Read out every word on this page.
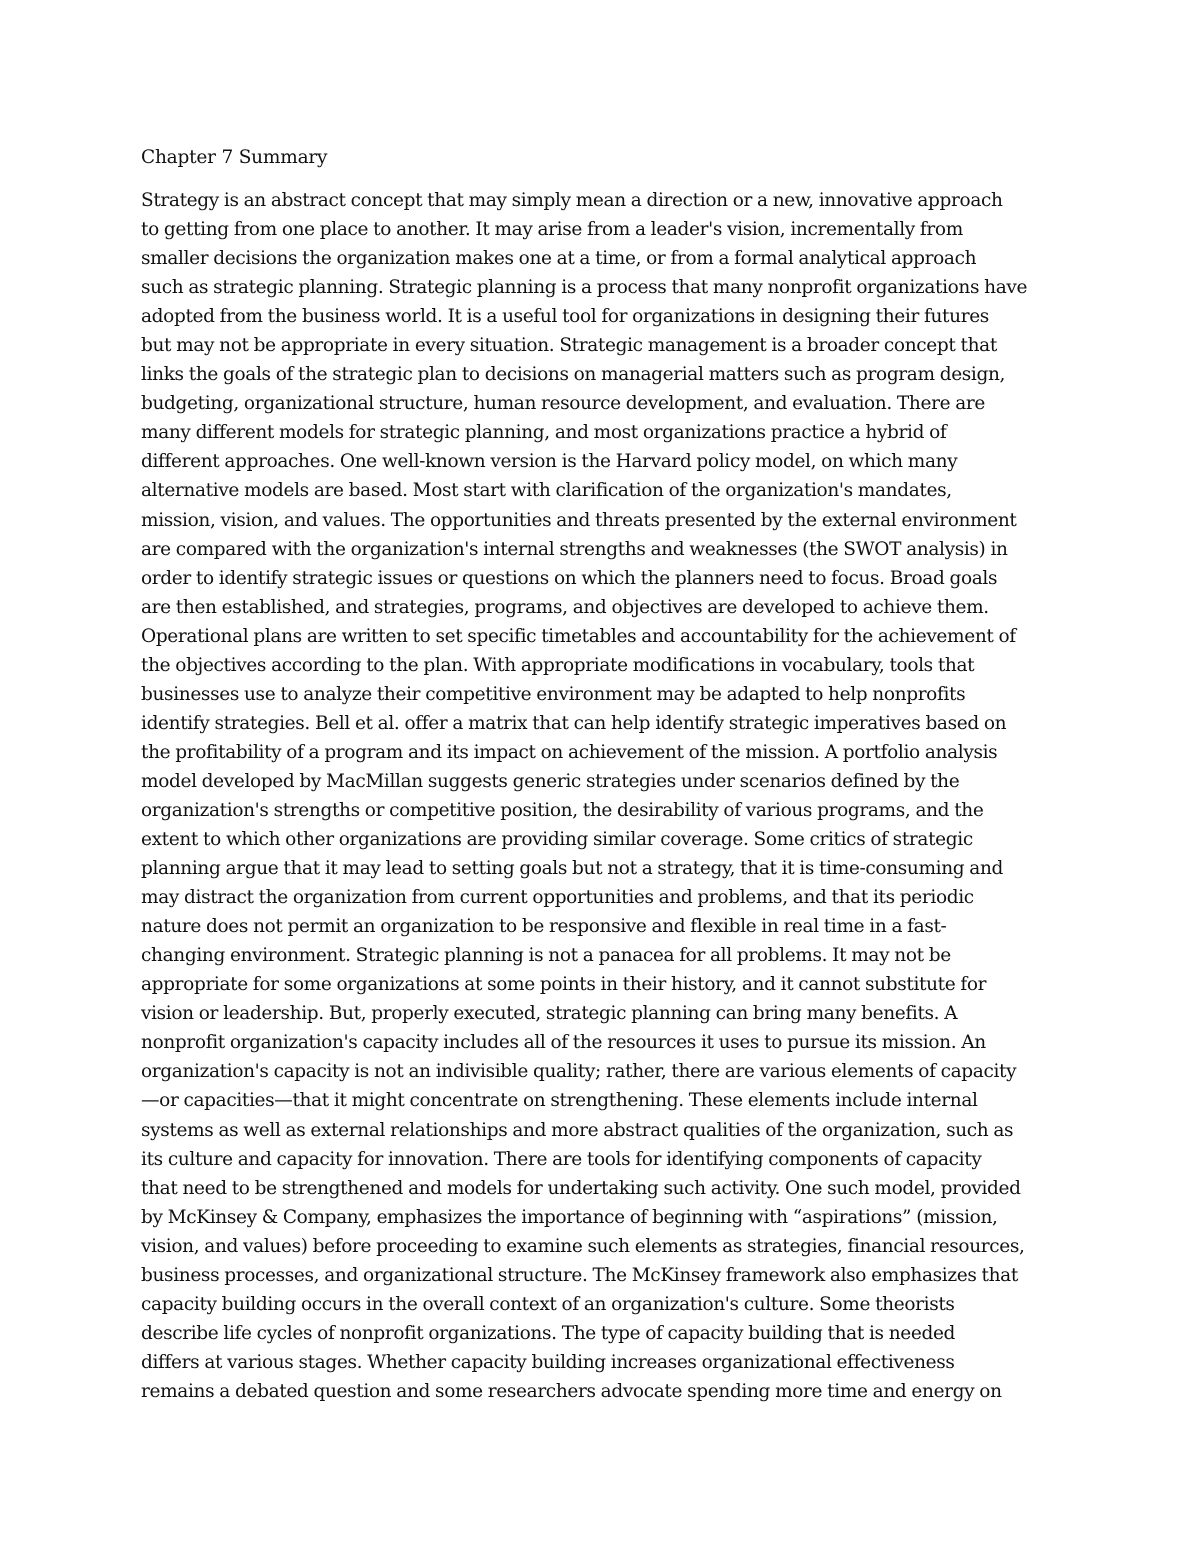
Chapter 7 Summary
Strategy is an abstract concept that may simply mean a direction or a new, innovative approach
to getting from one place to another. It may arise from a leader's vision, incrementally from
smaller decisions the organization makes one at a time, or from a formal analytical approach
such as strategic planning. Strategic planning is a process that many nonprofit organizations have
adopted from the business world. It is a useful tool for organizations in designing their futures
but may not be appropriate in every situation. Strategic management is a broader concept that
links the goals of the strategic plan to decisions on managerial matters such as program design,
budgeting, organizational structure, human resource development, and evaluation. There are
many different models for strategic planning, and most organizations practice a hybrid of
different approaches. One well-known version is the Harvard policy model, on which many
alternative models are based. Most start with clarification of the organization's mandates,
mission, vision, and values. The opportunities and threats presented by the external environment
are compared with the organization's internal strengths and weaknesses (the SWOT analysis) in
order to identify strategic issues or questions on which the planners need to focus. Broad goals
are then established, and strategies, programs, and objectives are developed to achieve them.
Operational plans are written to set specific timetables and accountability for the achievement of
the objectives according to the plan. With appropriate modifications in vocabulary, tools that
businesses use to analyze their competitive environment may be adapted to help nonprofits
identify strategies. Bell et al. offer a matrix that can help identify strategic imperatives based on
the profitability of a program and its impact on achievement of the mission. A portfolio analysis
model developed by MacMillan suggests generic strategies under scenarios defined by the
organization's strengths or competitive position, the desirability of various programs, and the
extent to which other organizations are providing similar coverage. Some critics of strategic
planning argue that it may lead to setting goals but not a strategy, that it is time-consuming and
may distract the organization from current opportunities and problems, and that its periodic
nature does not permit an organization to be responsive and flexible in real time in a fast-
changing environment. Strategic planning is not a panacea for all problems. It may not be
appropriate for some organizations at some points in their history, and it cannot substitute for
vision or leadership. But, properly executed, strategic planning can bring many benefits. A
nonprofit organization's capacity includes all of the resources it uses to pursue its mission. An
organization's capacity is not an indivisible quality; rather, there are various elements of capacity
—or capacities—that it might concentrate on strengthening. These elements include internal
systems as well as external relationships and more abstract qualities of the organization, such as
its culture and capacity for innovation. There are tools for identifying components of capacity
that need to be strengthened and models for undertaking such activity. One such model, provided
by McKinsey & Company, emphasizes the importance of beginning with “aspirations” (mission,
vision, and values) before proceeding to examine such elements as strategies, financial resources,
business processes, and organizational structure. The McKinsey framework also emphasizes that
capacity building occurs in the overall context of an organization's culture. Some theorists
describe life cycles of nonprofit organizations. The type of capacity building that is needed
differs at various stages. Whether capacity building increases organizational effectiveness
remains a debated question and some researchers advocate spending more time and energy on
